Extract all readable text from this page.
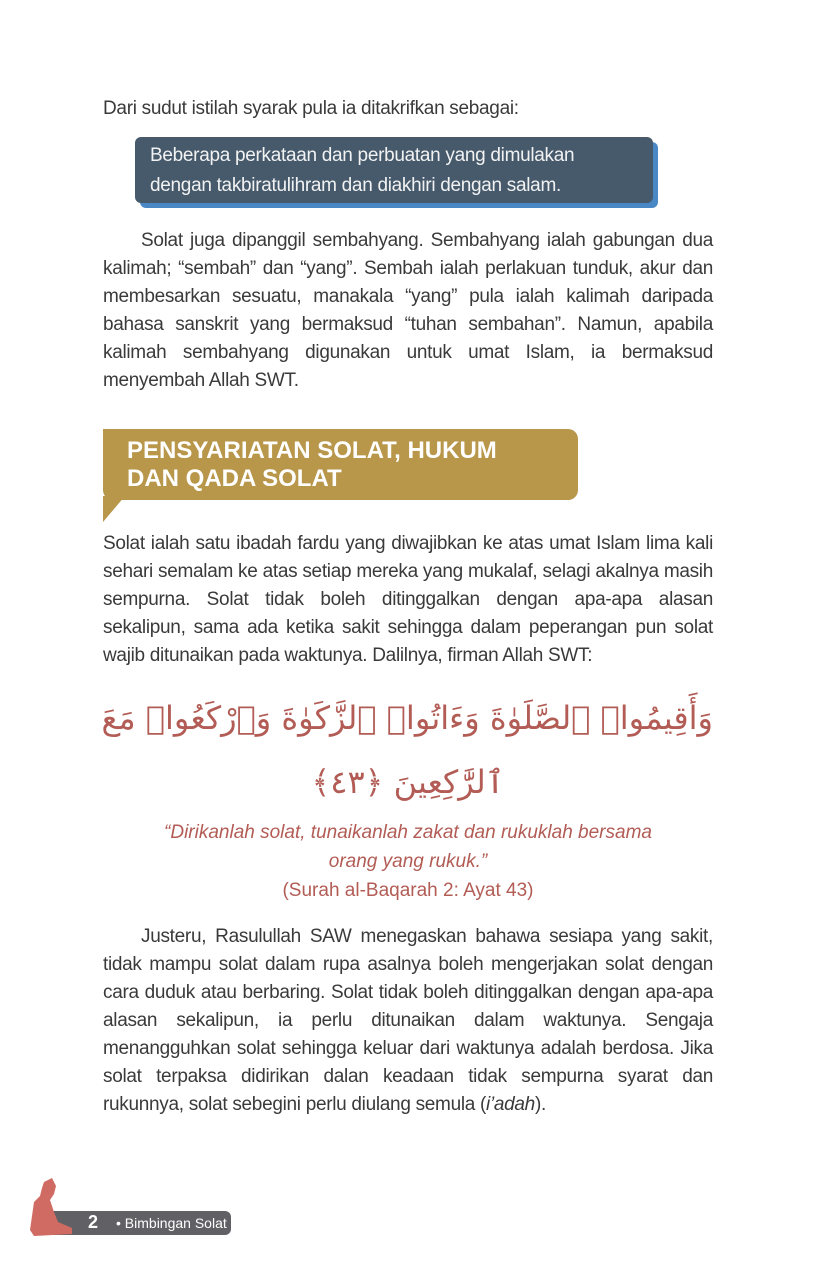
Dari sudut istilah syarak pula ia ditakrifkan sebagai:
Beberapa perkataan dan perbuatan yang dimulakan
dengan takbiratulihram dan diakhiri dengan salam.
Solat juga dipanggil sembahyang. Sembahyang ialah gabungan dua kalimah; “sembah” dan “yang”. Sembah ialah perlakuan tunduk, akur dan membesarkan sesuatu, manakala “yang” pula ialah kalimah daripada bahasa sanskrit yang bermaksud “tuhan sembahan”. Namun, apabila kalimah sembahyang digunakan untuk umat Islam, ia bermaksud menyembah Allah SWT.
PENSYARIATAN SOLAT, HUKUM
DAN QADA SOLAT
Solat ialah satu ibadah fardu yang diwajibkan ke atas umat Islam lima kali sehari semalam ke atas setiap mereka yang mukalaf, selagi akalnya masih sempurna. Solat tidak boleh ditinggalkan dengan apa-apa alasan sekalipun, sama ada ketika sakit sehingga dalam peperangan pun solat wajib ditunaikan pada waktunya. Dalilnya, firman Allah SWT:
وَأَقِيمُوا۟ ٱلصَّلَوٰةَ وَءَاتُوا۟ ٱلزَّكَوٰةَ وَٱرْكَعُوا۟ مَعَ
ٱلرَّٰكِعِينَ ﴿٤٣﴾
“Dirikanlah solat, tunaikanlah zakat dan rukuklah bersama
orang yang rukuk.”
(Surah al-Baqarah 2: Ayat 43)
Justeru, Rasulullah SAW menegaskan bahawa sesiapa yang sakit, tidak mampu solat dalam rupa asalnya boleh mengerjakan solat dengan cara duduk atau berbaring. Solat tidak boleh ditinggalkan dengan apa-apa alasan sekalipun, ia perlu ditunaikan dalam waktunya. Sengaja menangguhkan solat sehingga keluar dari waktunya adalah berdosa. Jika solat terpaksa didirikan dalan keadaan tidak sempurna syarat dan rukunnya, solat sebegini perlu diulang semula (i’adah).
2 • Bimbingan Solat
